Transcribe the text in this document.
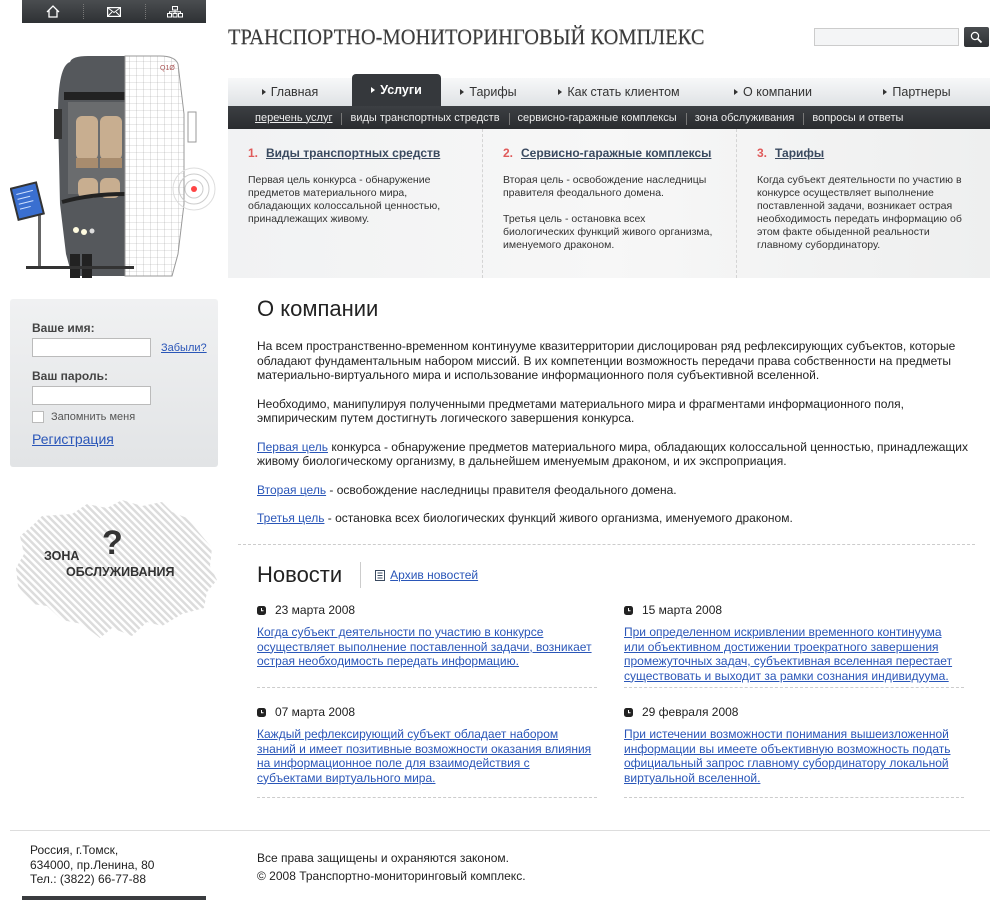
ТРАНСПОРТНО-МОНИТОРИНГОВЫЙ КОМПЛЕКС
Q1Ø
Главная	Услуги	Тарифы	Как стать клиентом	О компании	Партнеры
перечень услуг	виды транспортных стредств	сервисно-гаражные комплексы	зона обслуживания	вопросы и ответы
1. Виды транспортных средств

Первая цель конкурса - обнаружение предметов материального мира, обладающих колоссальной ценностью, принадлежащих живому.

2. Сервисно-гаражные комплексы

Вторая цель - освобождение наследницы правителя феодального домена.

Третья цель - остановка всех биологических функций живого организма, именуемого драконом.

3. Тарифы

Когда субъект деятельности по участию в конкурсе осуществляет выполнение поставленной задачи, возникает острая необходимость передать информацию об этом факте обыденной реальности главному субординатору.

Ваше имя:
Забыли?
Ваш пароль:
Запомнить меня
Регистрация
?
ЗОНА
ОБСЛУЖИВАНИЯ
О компании

На всем пространственно-временном континууме квазитерритории дислоцирован ряд рефлексирующих субъектов, которые обладают фундаментальным набором миссий. В их компетенции возможность передачи права собственности на предметы материально-виртуального мира и использование информационного поля субъективной вселенной.

Необходимо, манипулируя полученными предметами материального мира и фрагментами информационного поля, эмпирическим путем достигнуть логического завершения конкурса.

Первая цель конкурса - обнаружение предметов материального мира, обладающих колоссальной ценностью, принадлежащих живому биологическому организму, в дальнейшем именуемым драконом, и их экспроприация.

Вторая цель - освобождение наследницы правителя феодального домена.

Третья цель - остановка всех биологических функций живого организма, именуемого драконом.

Новости	Архив новостей
23 марта 2008
Когда субъект деятельности по участию в конкурсе осуществляет выполнение поставленной задачи, возникает острая необходимость передать информацию.
15 марта 2008
При определенном искривлении временного континуума или объективном достижении троекратного завершения промежуточных задач, субъективная вселенная перестает существовать и выходит за рамки сознания индивидуума.
07 марта 2008
Каждый рефлексирующий субъект обладает набором знаний и имеет позитивные возможности оказания влияния на информационное поле для взаимодействия с субъектами виртуального мира.
29 февраля 2008
При истечении возможности понимания вышеизложенной информации вы имеете объективную возможность подать официальный запрос главному субординатору локальной виртуальной вселенной.
Россия, г.Томск,
634000, пр.Ленина, 80
Тел.: (3822) 66-77-88
Все права защищены и охраняются законом.
© 2008 Транспортно-мониторинговый комплекс.
